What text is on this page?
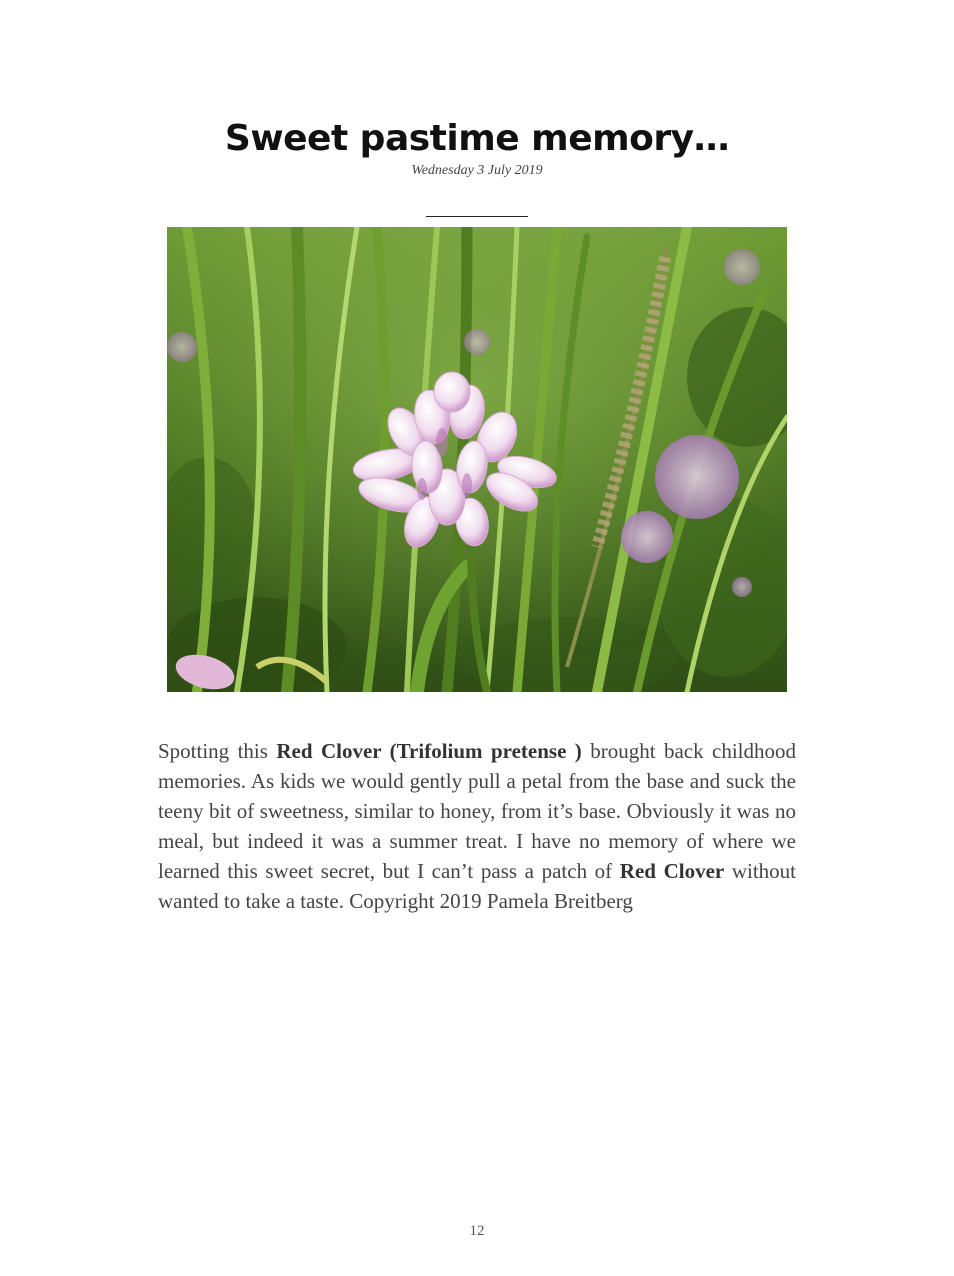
Sweet pastime memory…
Wednesday 3 July 2019

Spotting this Red Clover (Trifolium pretense ) brought back childhood memories. As kids we would gently pull a petal from the base and suck the teeny bit of sweetness, similar to honey, from it’s base. Obviously it was no meal, but indeed it was a summer treat. I have no memory of where we learned this sweet secret, but I can’t pass a patch of Red Clover without wanted to take a taste. Copyright 2019 Pamela Breitberg

12
